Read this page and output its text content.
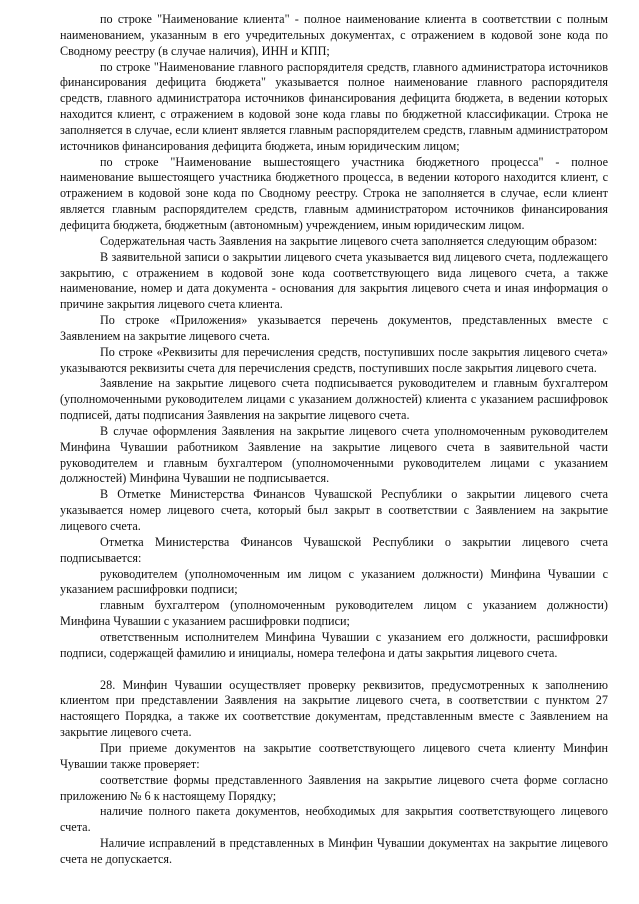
по строке "Наименование клиента" - полное наименование клиента в соответствии с полным наименованием, указанным в его учредительных документах, с отражением в кодовой зоне кода по Сводному реестру (в случае наличия), ИНН и КПП;

по строке "Наименование главного распорядителя средств, главного администратора источников финансирования дефицита бюджета" указывается полное наименование главного распорядителя средств, главного администратора источников финансирования дефицита бюджета, в ведении которых находится клиент, с отражением в кодовой зоне кода главы по бюджетной классификации. Строка не заполняется в случае, если клиент является главным распорядителем средств, главным администратором источников финансирования дефицита бюджета, иным юридическим лицом;

по строке "Наименование вышестоящего участника бюджетного процесса" - полное наименование вышестоящего участника бюджетного процесса, в ведении которого находится клиент, с отражением в кодовой зоне кода по Сводному реестру. Строка не заполняется в случае, если клиент является главным распорядителем средств, главным администратором источников финансирования дефицита бюджета, бюджетным (автономным) учреждением, иным юридическим лицом.

Содержательная часть Заявления на закрытие лицевого счета заполняется следующим образом:

В заявительной записи о закрытии лицевого счета указывается вид лицевого счета, подлежащего закрытию, с отражением в кодовой зоне кода соответствующего вида лицевого счета, а также наименование, номер и дата документа - основания для закрытия лицевого счета и иная информация о причине закрытия лицевого счета клиента.

По строке «Приложения» указывается перечень документов, представленных вместе с Заявлением на закрытие лицевого счета.

По строке «Реквизиты для перечисления средств, поступивших после закрытия лицевого счета» указываются реквизиты счета для перечисления средств, поступивших после закрытия лицевого счета.

Заявление на закрытие лицевого счета подписывается руководителем и главным бухгалтером (уполномоченными руководителем лицами с указанием должностей) клиента с указанием расшифровок подписей, даты подписания Заявления на закрытие лицевого счета.

В случае оформления Заявления на закрытие лицевого счета уполномоченным руководителем Минфина Чувашии работником Заявление на закрытие лицевого счета в заявительной части руководителем и главным бухгалтером (уполномоченными руководителем лицами с указанием должностей) Минфина Чувашии не подписывается.

В Отметке Министерства Финансов Чувашской Республики о закрытии лицевого счета указывается номер лицевого счета, который был закрыт в соответствии с Заявлением на закрытие лицевого счета.

Отметка Министерства Финансов Чувашской Республики о закрытии лицевого счета подписывается:

руководителем (уполномоченным им лицом с указанием должности) Минфина Чувашии с указанием расшифровки подписи;

главным бухгалтером (уполномоченным руководителем лицом с указанием должности) Минфина Чувашии с указанием расшифровки подписи;

ответственным исполнителем Минфина Чувашии с указанием его должности, расшифровки подписи, содержащей фамилию и инициалы, номера телефона и даты закрытия лицевого счета.

28. Минфин Чувашии осуществляет проверку реквизитов, предусмотренных к заполнению клиентом при представлении Заявления на закрытие лицевого счета, в соответствии с пунктом 27 настоящего Порядка, а также их соответствие документам, представленным вместе с Заявлением на закрытие лицевого счета.

При приеме документов на закрытие соответствующего лицевого счета клиенту Минфин Чувашии также проверяет:

соответствие формы представленного Заявления на закрытие лицевого счета форме согласно приложению № 6 к настоящему Порядку;

наличие полного пакета документов, необходимых для закрытия соответствующего лицевого счета.

Наличие исправлений в представленных в Минфин Чувашии документах на закрытие лицевого счета не допускается.
